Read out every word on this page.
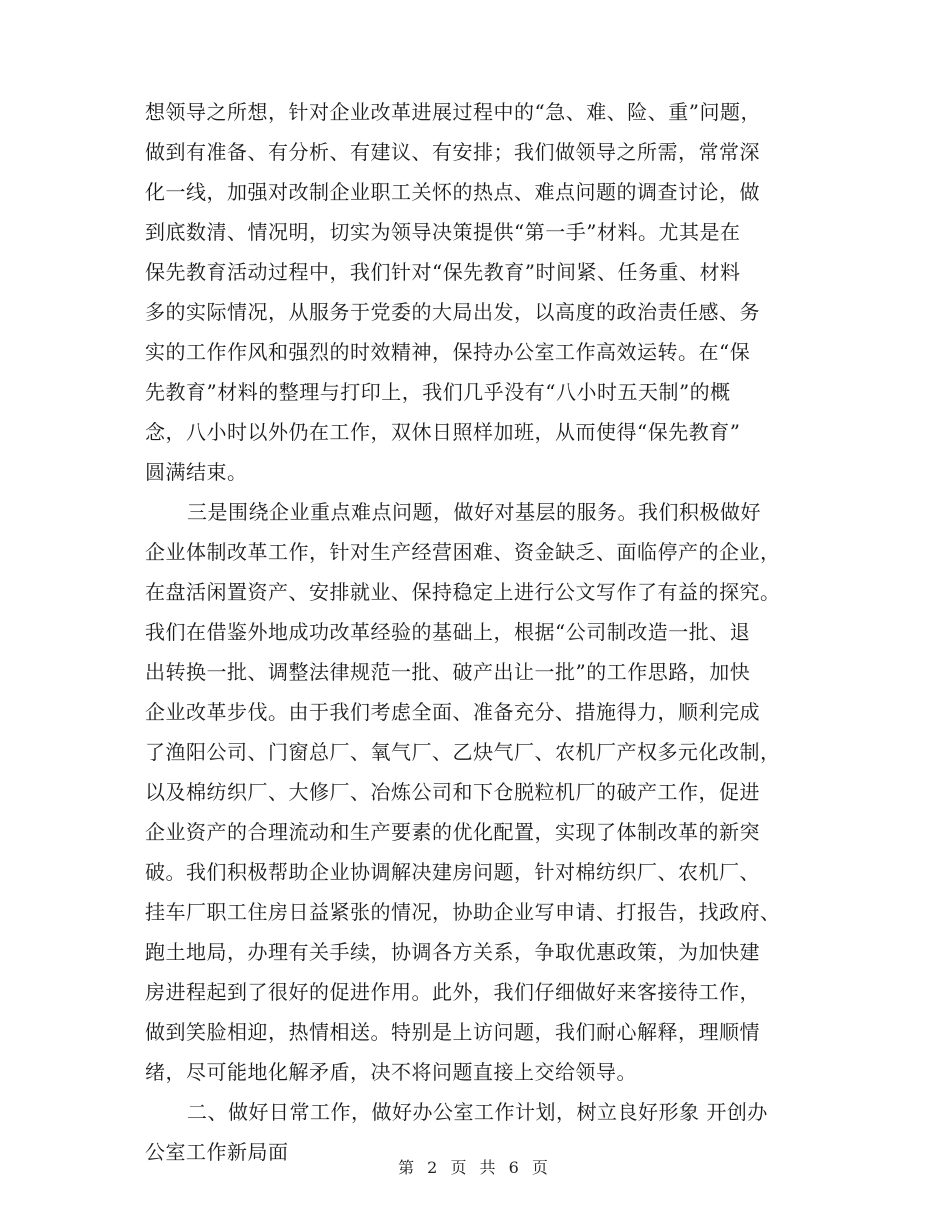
想领导之所想，针对企业改革进展过程中的“急、难、险、重”问题，
做到有准备、有分析、有建议、有安排；我们做领导之所需，常常深
化一线，加强对改制企业职工关怀的热点、难点问题的调查讨论，做
到底数清、情况明，切实为领导决策提供“第一手”材料。尤其是在
保先教育活动过程中，我们针对“保先教育”时间紧、任务重、材料
多的实际情况，从服务于党委的大局出发，以高度的政治责任感、务
实的工作作风和强烈的时效精神，保持办公室工作高效运转。在“保
先教育”材料的整理与打印上，我们几乎没有“八小时五天制”的概
念，八小时以外仍在工作，双休日照样加班，从而使得“保先教育”
圆满结束。
三是围绕企业重点难点问题，做好对基层的服务。我们积极做好
企业体制改革工作，针对生产经营困难、资金缺乏、面临停产的企业，
在盘活闲置资产、安排就业、保持稳定上进行公文写作了有益的探究。
我们在借鉴外地成功改革经验的基础上，根据“公司制改造一批、退
出转换一批、调整法律规范一批、破产出让一批”的工作思路，加快
企业改革步伐。由于我们考虑全面、准备充分、措施得力，顺利完成
了渔阳公司、门窗总厂、氧气厂、乙炔气厂、农机厂产权多元化改制，
以及棉纺织厂、大修厂、冶炼公司和下仓脱粒机厂的破产工作，促进
企业资产的合理流动和生产要素的优化配置，实现了体制改革的新突
破。我们积极帮助企业协调解决建房问题，针对棉纺织厂、农机厂、
挂车厂职工住房日益紧张的情况，协助企业写申请、打报告，找政府、
跑土地局，办理有关手续，协调各方关系，争取优惠政策，为加快建
房进程起到了很好的促进作用。此外，我们仔细做好来客接待工作，
做到笑脸相迎，热情相送。特别是上访问题，我们耐心解释，理顺情
绪，尽可能地化解矛盾，决不将问题直接上交给领导。
二、做好日常工作，做好办公室工作计划，树立良好形象 开创办
公室工作新局面
第 2 页 共 6 页
